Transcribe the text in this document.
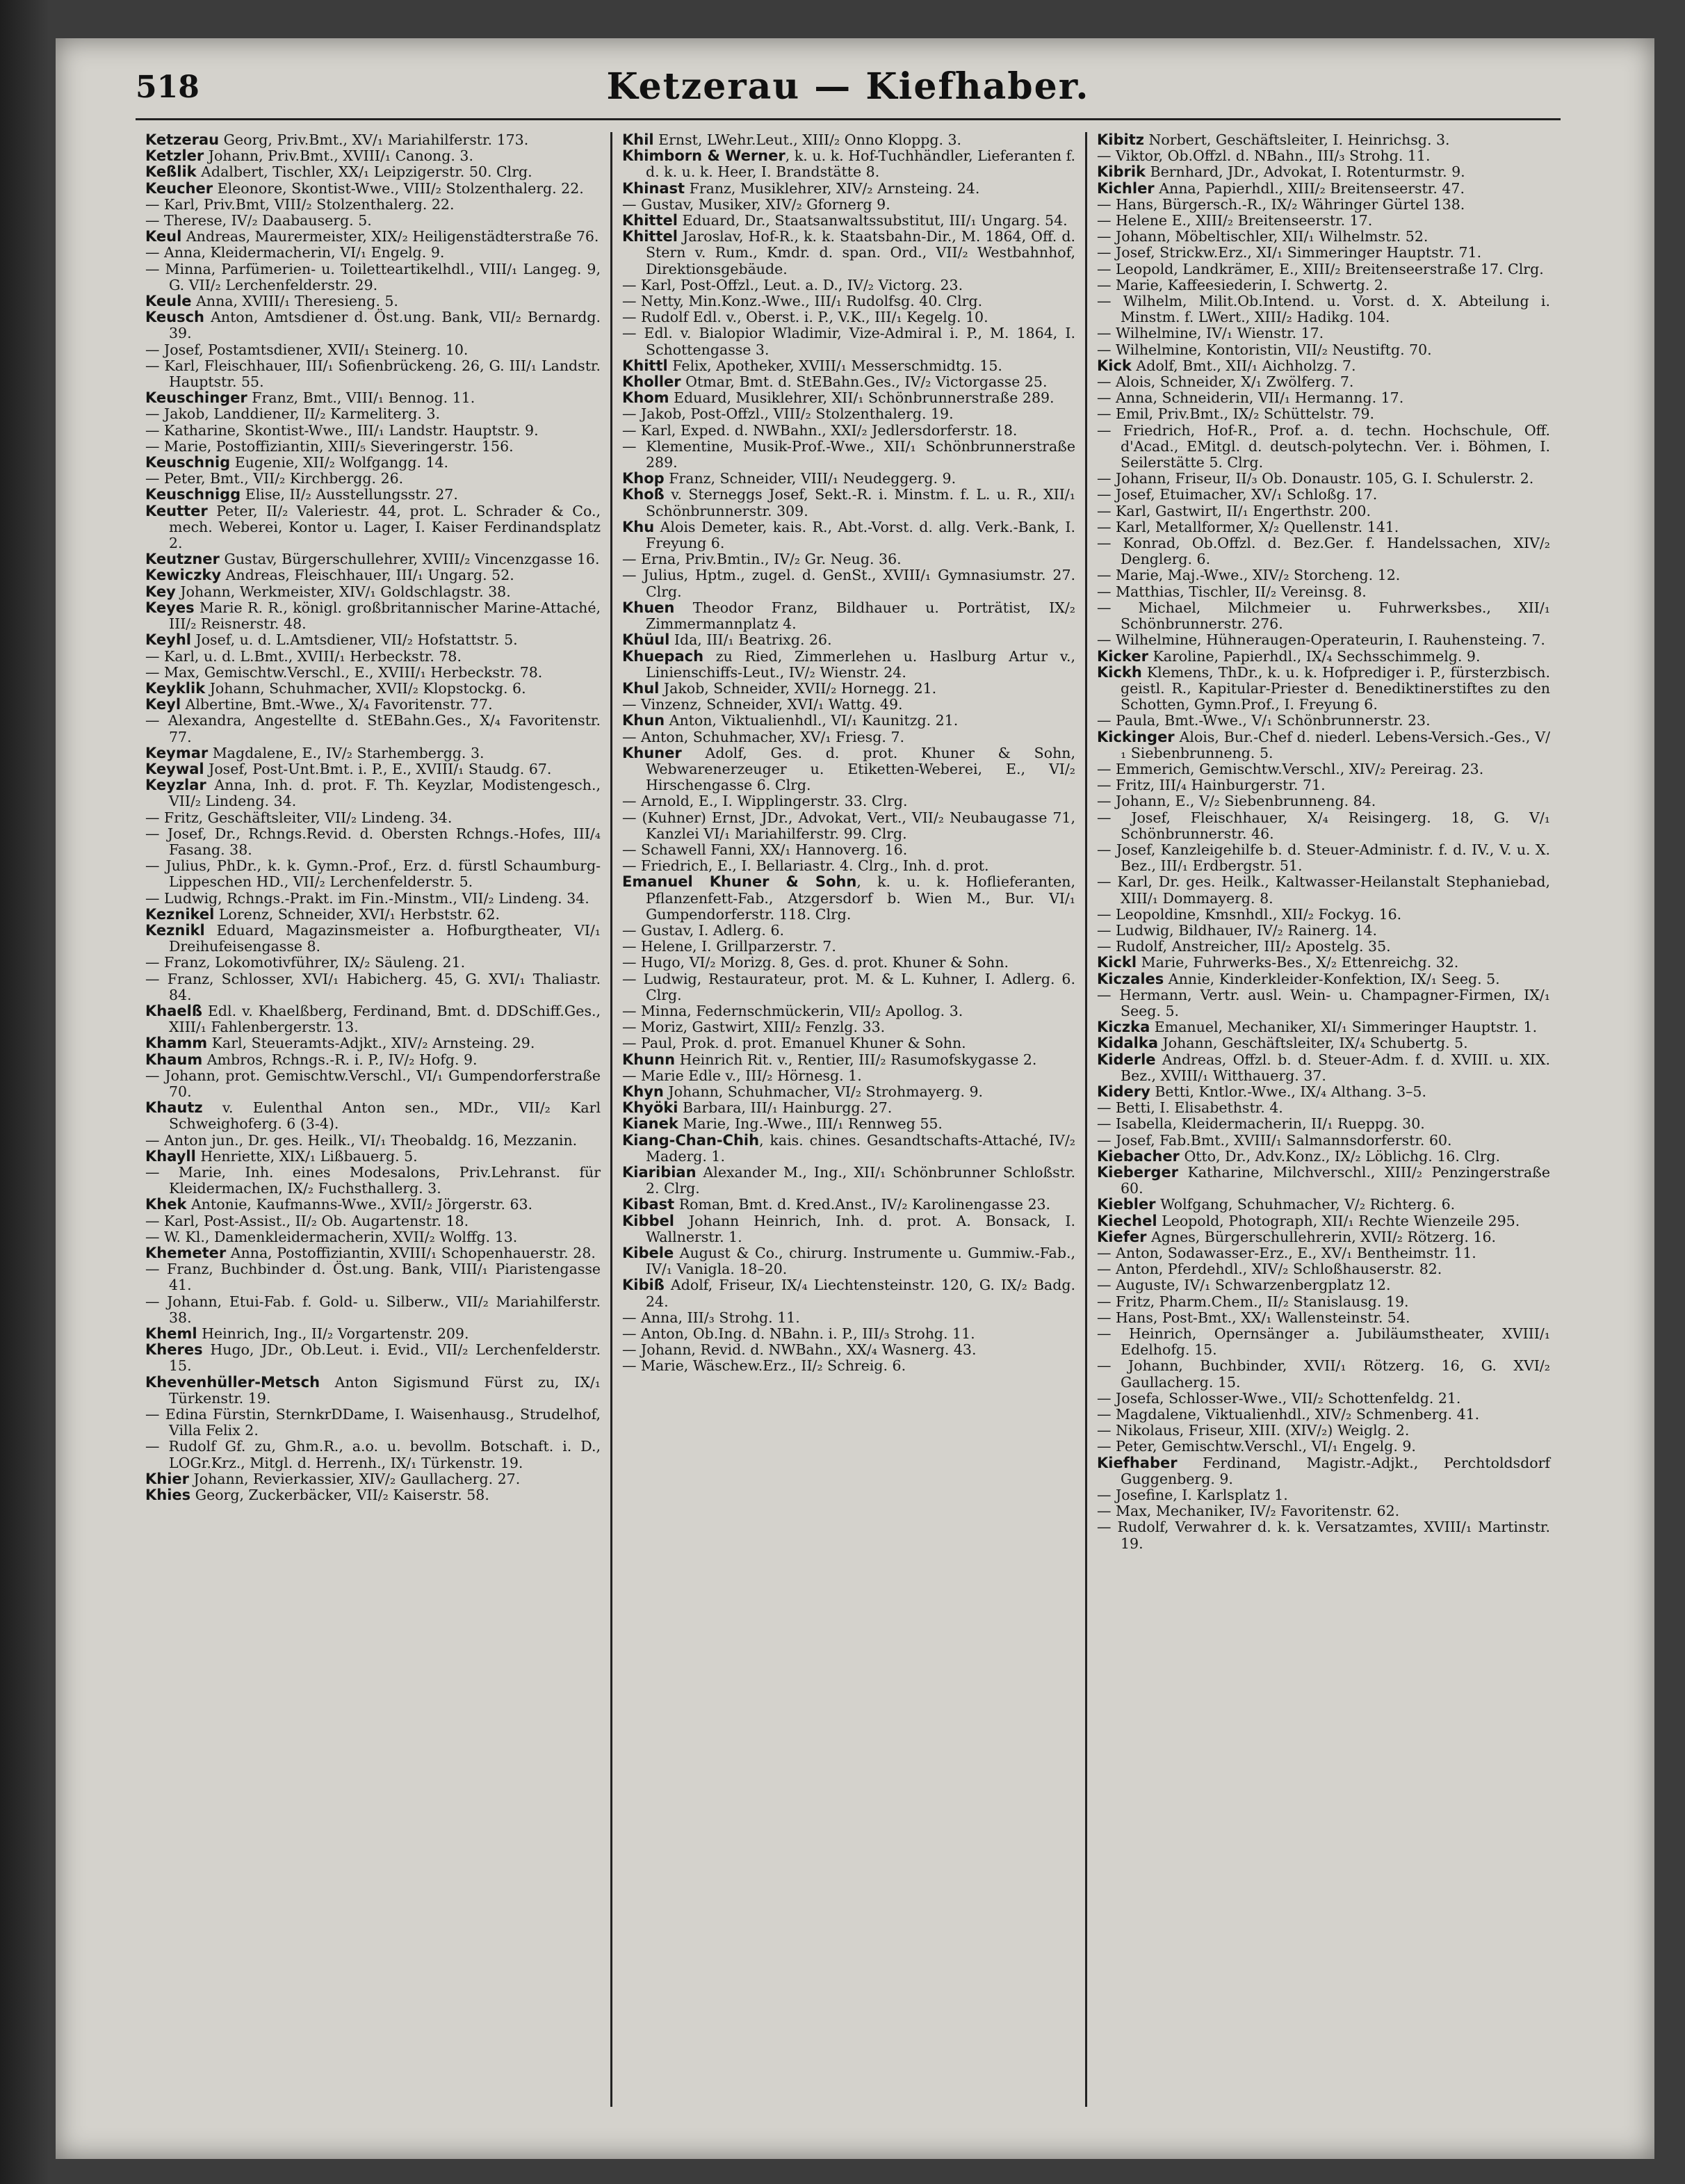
518	Ketzerau — Kiefhaber.

Ketzerau Georg, Priv.Bmt., XV/₁ Mariahilferstr. 173.

Ketzler Johann, Priv.Bmt., XVIII/₁ Canong. 3.

Keßlik Adalbert, Tischler, XX/₁ Leipzigerstr. 50. Clrg.

Keucher Eleonore, Skontist-Wwe., VIII/₂ Stolzenthalerg. 22.

— Karl, Priv.Bmt, VIII/₂ Stolzenthalerg. 22.

— Therese, IV/₂ Daabauserg. 5.

Keul Andreas, Maurermeister, XIX/₂ Heiligenstädterstraße 76.

— Anna, Kleidermacherin, VI/₁ Engelg. 9.

— Minna, Parfümerien- u. Toiletteartikelhdl., VIII/₁ Langeg. 9, G. VII/₂ Lerchenfelderstr. 29.

Keule Anna, XVIII/₁ Theresieng. 5.

Keusch Anton, Amtsdiener d. Öst.ung. Bank, VII/₂ Bernardg. 39.

— Josef, Postamtsdiener, XVII/₁ Steinerg. 10.

— Karl, Fleischhauer, III/₁ Sofienbrückeng. 26, G. III/₁ Landstr. Hauptstr. 55.

Keuschinger Franz, Bmt., VIII/₁ Bennog. 11.

— Jakob, Landdiener, II/₂ Karmeliterg. 3.

— Katharine, Skontist-Wwe., III/₁ Landstr. Hauptstr. 9.

— Marie, Postoffiziantin, XIII/₅ Sieveringerstr. 156.

Keuschnig Eugenie, XII/₂ Wolfgangg. 14.

— Peter, Bmt., VII/₂ Kirchbergg. 26.

Keuschnigg Elise, II/₂ Ausstellungsstr. 27.

Keutter Peter, II/₂ Valeriestr. 44, prot. L. Schrader & Co., mech. Weberei, Kontor u. Lager, I. Kaiser Ferdinandsplatz 2.

Keutzner Gustav, Bürgerschullehrer, XVIII/₂ Vincenzgasse 16.

Kewiczky Andreas, Fleischhauer, III/₁ Ungarg. 52.

Key Johann, Werkmeister, XIV/₁ Goldschlagstr. 38.

Keyes Marie R. R., königl. großbritannischer Marine-Attaché, III/₂ Reisnerstr. 48.

Keyhl Josef, u. d. L.Amtsdiener, VII/₂ Hofstattstr. 5.

— Karl, u. d. L.Bmt., XVIII/₁ Herbeckstr. 78.

— Max, Gemischtw.Verschl., E., XVIII/₁ Herbeckstr. 78.

Keyklik Johann, Schuhmacher, XVII/₂ Klopstockg. 6.

Keyl Albertine, Bmt.-Wwe., X/₄ Favoritenstr. 77.

— Alexandra, Angestellte d. StEBahn.Ges., X/₄ Favoritenstr. 77.

Keymar Magdalene, E., IV/₂ Starhembergg. 3.

Keywal Josef, Post-Unt.Bmt. i. P., E., XVIII/₁ Staudg. 67.

Keyzlar Anna, Inh. d. prot. F. Th. Keyzlar, Modistengesch., VII/₂ Lindeng. 34.

— Fritz, Geschäftsleiter, VII/₂ Lindeng. 34.

— Josef, Dr., Rchngs.Revid. d. Obersten Rchngs.-Hofes, III/₄ Fasang. 38.

— Julius, PhDr., k. k. Gymn.-Prof., Erz. d. fürstl Schaumburg-Lippeschen HD., VII/₂ Lerchenfelderstr. 5.

— Ludwig, Rchngs.-Prakt. im Fin.-Minstm., VII/₂ Lindeng. 34.

Keznikel Lorenz, Schneider, XVI/₁ Herbststr. 62.

Keznikl Eduard, Magazinsmeister a. Hofburgtheater, VI/₁ Dreihufeisengasse 8.

— Franz, Lokomotivführer, IX/₂ Säuleng. 21.

— Franz, Schlosser, XVI/₁ Habicherg. 45, G. XVI/₁ Thaliastr. 84.

Khaelß Edl. v. Khaelßberg, Ferdinand, Bmt. d. DDSchiff.Ges., XIII/₁ Fahlenbergerstr. 13.

Khamm Karl, Steueramts-Adjkt., XIV/₂ Arnsteing. 29.

Khaum Ambros, Rchngs.-R. i. P., IV/₂ Hofg. 9.

— Johann, prot. Gemischtw.Verschl., VI/₁ Gumpendorferstraße 70.

Khautz v. Eulenthal Anton sen., MDr., VII/₂ Karl Schweighoferg. 6 (3-4).

— Anton jun., Dr. ges. Heilk., VI/₁ Theobaldg. 16, Mezzanin.

Khayll Henriette, XIX/₁ Lißbauerg. 5.

— Marie, Inh. eines Modesalons, Priv.Lehranst. für Kleidermachen, IX/₂ Fuchsthallerg. 3.

Khek Antonie, Kaufmanns-Wwe., XVII/₂ Jörgerstr. 63.

— Karl, Post-Assist., II/₂ Ob. Augartenstr. 18.

— W. Kl., Damenkleidermacherin, XVII/₂ Wolffg. 13.

Khemeter Anna, Postoffiziantin, XVIII/₁ Schopenhauerstr. 28.

— Franz, Buchbinder d. Öst.ung. Bank, VIII/₁ Piaristengasse 41.

— Johann, Etui-Fab. f. Gold- u. Silberw., VII/₂ Mariahilferstr. 38.

Kheml Heinrich, Ing., II/₂ Vorgartenstr. 209.

Kheres Hugo, JDr., Ob.Leut. i. Evid., VII/₂ Lerchenfelderstr. 15.

Khevenhüller-Metsch Anton Sigismund Fürst zu, IX/₁ Türkenstr. 19.

— Edina Fürstin, SternkrDDame, I. Waisenhausg., Strudelhof, Villa Felix 2.

— Rudolf Gf. zu, Ghm.R., a.o. u. bevollm. Botschaft. i. D., LOGr.Krz., Mitgl. d. Herrenh., IX/₁ Türkenstr. 19.

Khier Johann, Revierkassier, XIV/₂ Gaullacherg. 27.

Khies Georg, Zuckerbäcker, VII/₂ Kaiserstr. 58.

Khil Ernst, LWehr.Leut., XIII/₂ Onno Kloppg. 3.

Khimborn & Werner, k. u. k. Hof-Tuchhändler, Lieferanten f. d. k. u. k. Heer, I. Brandstätte 8.

Khinast Franz, Musiklehrer, XIV/₂ Arnsteing. 24.

— Gustav, Musiker, XIV/₂ Gfornerg 9.

Khittel Eduard, Dr., Staatsanwaltssubstitut, III/₁ Ungarg. 54.

Khittel Jaroslav, Hof-R., k. k. Staatsbahn-Dir., M. 1864, Off. d. Stern v. Rum., Kmdr. d. span. Ord., VII/₂ Westbahnhof, Direktionsgebäude.

— Karl, Post-Offzl., Leut. a. D., IV/₂ Victorg. 23.

— Netty, Min.Konz.-Wwe., III/₁ Rudolfsg. 40. Clrg.

— Rudolf Edl. v., Oberst. i. P., V.K., III/₁ Kegelg. 10.

— Edl. v. Bialopior Wladimir, Vize-Admiral i. P., M. 1864, I. Schottengasse 3.

Khittl Felix, Apotheker, XVIII/₁ Messerschmidtg. 15.

Kholler Otmar, Bmt. d. StEBahn.Ges., IV/₂ Victorgasse 25.

Khom Eduard, Musiklehrer, XII/₁ Schönbrunnerstraße 289.

— Jakob, Post-Offzl., VIII/₂ Stolzenthalerg. 19.

— Karl, Exped. d. NWBahn., XXI/₂ Jedlersdorferstr. 18.

— Klementine, Musik-Prof.-Wwe., XII/₁ Schönbrunnerstraße 289.

Khop Franz, Schneider, VIII/₁ Neudeggerg. 9.

Khoß v. Sterneggs Josef, Sekt.-R. i. Minstm. f. L. u. R., XII/₁ Schönbrunnerstr. 309.

Khu Alois Demeter, kais. R., Abt.-Vorst. d. allg. Verk.-Bank, I. Freyung 6.

— Erna, Priv.Bmtin., IV/₂ Gr. Neug. 36.

— Julius, Hptm., zugel. d. GenSt., XVIII/₁ Gymnasiumstr. 27. Clrg.

Khuen Theodor Franz, Bildhauer u. Porträtist, IX/₂ Zimmermannplatz 4.

Khüul Ida, III/₁ Beatrixg. 26.

Khuepach zu Ried, Zimmerlehen u. Haslburg Artur v., Linienschiffs-Leut., IV/₂ Wienstr. 24.

Khul Jakob, Schneider, XVII/₂ Hornegg. 21.

— Vinzenz, Schneider, XVI/₁ Wattg. 49.

Khun Anton, Viktualienhdl., VI/₁ Kaunitzg. 21.

— Anton, Schuhmacher, XV/₁ Friesg. 7.

Khuner Adolf, Ges. d. prot. Khuner & Sohn, Webwarenerzeuger u. Etiketten-Weberei, E., VI/₂ Hirschengasse 6. Clrg.

— Arnold, E., I. Wipplingerstr. 33. Clrg.

— (Kuhner) Ernst, JDr., Advokat, Vert., VII/₂ Neubaugasse 71, Kanzlei VI/₁ Mariahilferstr. 99. Clrg.

— Schawell Fanni, XX/₁ Hannoverg. 16.

— Friedrich, E., I. Bellariastr. 4. Clrg., Inh. d. prot.

Emanuel Khuner & Sohn, k. u. k. Hoflieferanten, Pflanzenfett-Fab., Atzgersdorf b. Wien M., Bur. VI/₁ Gumpendorferstr. 118. Clrg.

— Gustav, I. Adlerg. 6.

— Helene, I. Grillparzerstr. 7.

— Hugo, VI/₂ Morizg. 8, Ges. d. prot. Khuner & Sohn.

— Ludwig, Restaurateur, prot. M. & L. Kuhner, I. Adlerg. 6. Clrg.

— Minna, Federnschmückerin, VII/₂ Apollog. 3.

— Moriz, Gastwirt, XIII/₂ Fenzlg. 33.

— Paul, Prok. d. prot. Emanuel Khuner & Sohn.

Khunn Heinrich Rit. v., Rentier, III/₂ Rasumofskygasse 2.

— Marie Edle v., III/₂ Hörnesg. 1.

Khyn Johann, Schuhmacher, VI/₂ Strohmayerg. 9.

Khyöki Barbara, III/₁ Hainburgg. 27.

Kianek Marie, Ing.-Wwe., III/₁ Rennweg 55.

Kiang-Chan-Chih, kais. chines. Gesandtschafts-Attaché, IV/₂ Maderg. 1.

Kiaribian Alexander M., Ing., XII/₁ Schönbrunner Schloßstr. 2. Clrg.

Kibast Roman, Bmt. d. Kred.Anst., IV/₂ Karolinengasse 23.

Kibbel Johann Heinrich, Inh. d. prot. A. Bonsack, I. Wallnerstr. 1.

Kibele August & Co., chirurg. Instrumente u. Gummiw.-Fab., IV/₁ Vanigla. 18–20.

Kibiß Adolf, Friseur, IX/₄ Liechtensteinstr. 120, G. IX/₂ Badg. 24.

— Anna, III/₃ Strohg. 11.

— Anton, Ob.Ing. d. NBahn. i. P., III/₃ Strohg. 11.

— Johann, Revid. d. NWBahn., XX/₄ Wasnerg. 43.

— Marie, Wäschew.Erz., II/₂ Schreig. 6.

Kibitz Norbert, Geschäftsleiter, I. Heinrichsg. 3.

— Viktor, Ob.Offzl. d. NBahn., III/₃ Strohg. 11.

Kibrik Bernhard, JDr., Advokat, I. Rotenturmstr. 9.

Kichler Anna, Papierhdl., XIII/₂ Breitenseerstr. 47.

— Hans, Bürgersch.-R., IX/₂ Währinger Gürtel 138.

— Helene E., XIII/₂ Breitenseerstr. 17.

— Johann, Möbeltischler, XII/₁ Wilhelmstr. 52.

— Josef, Strickw.Erz., XI/₁ Simmeringer Hauptstr. 71.

— Leopold, Landkrämer, E., XIII/₂ Breitenseerstraße 17. Clrg.

— Marie, Kaffeesiederin, I. Schwertg. 2.

— Wilhelm, Milit.Ob.Intend. u. Vorst. d. X. Abteilung i. Minstm. f. LWert., XIII/₂ Hadikg. 104.

— Wilhelmine, IV/₁ Wienstr. 17.

— Wilhelmine, Kontoristin, VII/₂ Neustiftg. 70.

Kick Adolf, Bmt., XII/₁ Aichholzg. 7.

— Alois, Schneider, X/₁ Zwölferg. 7.

— Anna, Schneiderin, VII/₁ Hermanng. 17.

— Emil, Priv.Bmt., IX/₂ Schüttelstr. 79.

— Friedrich, Hof-R., Prof. a. d. techn. Hochschule, Off. d'Acad., EMitgl. d. deutsch-polytechn. Ver. i. Böhmen, I. Seilerstätte 5. Clrg.

— Johann, Friseur, II/₃ Ob. Donaustr. 105, G. I. Schulerstr. 2.

— Josef, Etuimacher, XV/₁ Schloßg. 17.

— Karl, Gastwirt, II/₁ Engerthstr. 200.

— Karl, Metallformer, X/₂ Quellenstr. 141.

— Konrad, Ob.Offzl. d. Bez.Ger. f. Handelssachen, XIV/₂ Denglerg. 6.

— Marie, Maj.-Wwe., XIV/₂ Storcheng. 12.

— Matthias, Tischler, II/₂ Vereinsg. 8.

— Michael, Milchmeier u. Fuhrwerksbes., XII/₁ Schönbrunnerstr. 276.

— Wilhelmine, Hühneraugen-Operateurin, I. Rauhensteing. 7.

Kicker Karoline, Papierhdl., IX/₄ Sechsschimmelg. 9.

Kickh Klemens, ThDr., k. u. k. Hofprediger i. P., fürsterzbisch. geistl. R., Kapitular-Priester d. Benediktinerstiftes zu den Schotten, Gymn.Prof., I. Freyung 6.

— Paula, Bmt.-Wwe., V/₁ Schönbrunnerstr. 23.

Kickinger Alois, Bur.-Chef d. niederl. Lebens-Versich.-Ges., V/₁ Siebenbrunneng. 5.

— Emmerich, Gemischtw.Verschl., XIV/₂ Pereirag. 23.

— Fritz, III/₄ Hainburgerstr. 71.

— Johann, E., V/₂ Siebenbrunneng. 84.

— Josef, Fleischhauer, X/₄ Reisingerg. 18, G. V/₁ Schönbrunnerstr. 46.

— Josef, Kanzleigehilfe b. d. Steuer-Administr. f. d. IV., V. u. X. Bez., III/₁ Erdbergstr. 51.

— Karl, Dr. ges. Heilk., Kaltwasser-Heilanstalt Stephaniebad, XIII/₁ Dommayerg. 8.

— Leopoldine, Kmsnhdl., XII/₂ Fockyg. 16.

— Ludwig, Bildhauer, IV/₂ Rainerg. 14.

— Rudolf, Anstreicher, III/₂ Apostelg. 35.

Kickl Marie, Fuhrwerks-Bes., X/₂ Ettenreichg. 32.

Kiczales Annie, Kinderkleider-Konfektion, IX/₁ Seeg. 5.

— Hermann, Vertr. ausl. Wein- u. Champagner-Firmen, IX/₁ Seeg. 5.

Kiczka Emanuel, Mechaniker, XI/₁ Simmeringer Hauptstr. 1.

Kidalka Johann, Geschäftsleiter, IX/₄ Schubertg. 5.

Kiderle Andreas, Offzl. b. d. Steuer-Adm. f. d. XVIII. u. XIX. Bez., XVIII/₁ Witthauerg. 37.

Kidery Betti, Kntlor.-Wwe., IX/₄ Althang. 3–5.

— Betti, I. Elisabethstr. 4.

— Isabella, Kleidermacherin, II/₁ Rueppg. 30.

— Josef, Fab.Bmt., XVIII/₁ Salmannsdorferstr. 60.

Kiebacher Otto, Dr., Adv.Konz., IX/₂ Löblichg. 16. Clrg.

Kieberger Katharine, Milchverschl., XIII/₂ Penzingerstraße 60.

Kiebler Wolfgang, Schuhmacher, V/₂ Richterg. 6.

Kiechel Leopold, Photograph, XII/₁ Rechte Wienzeile 295.

Kiefer Agnes, Bürgerschullehrerin, XVII/₂ Rötzerg. 16.

— Anton, Sodawasser-Erz., E., XV/₁ Bentheimstr. 11.

— Anton, Pferdehdl., XIV/₂ Schloßhauserstr. 82.

— Auguste, IV/₁ Schwarzenbergplatz 12.

— Fritz, Pharm.Chem., II/₂ Stanislausg. 19.

— Hans, Post-Bmt., XX/₁ Wallensteinstr. 54.

— Heinrich, Opernsänger a. Jubiläumstheater, XVIII/₁ Edelhofg. 15.

— Johann, Buchbinder, XVII/₁ Rötzerg. 16, G. XVI/₂ Gaullacherg. 15.

— Josefa, Schlosser-Wwe., VII/₂ Schottenfeldg. 21.

— Magdalene, Viktualienhdl., XIV/₂ Schmenberg. 41.

— Nikolaus, Friseur, XIII. (XIV/₂) Weiglg. 2.

— Peter, Gemischtw.Verschl., VI/₁ Engelg. 9.

Kiefhaber Ferdinand, Magistr.-Adjkt., Perchtoldsdorf Guggenberg. 9.

— Josefine, I. Karlsplatz 1.

— Max, Mechaniker, IV/₂ Favoritenstr. 62.

— Rudolf, Verwahrer d. k. k. Versatzamtes, XVIII/₁ Martinstr. 19.
